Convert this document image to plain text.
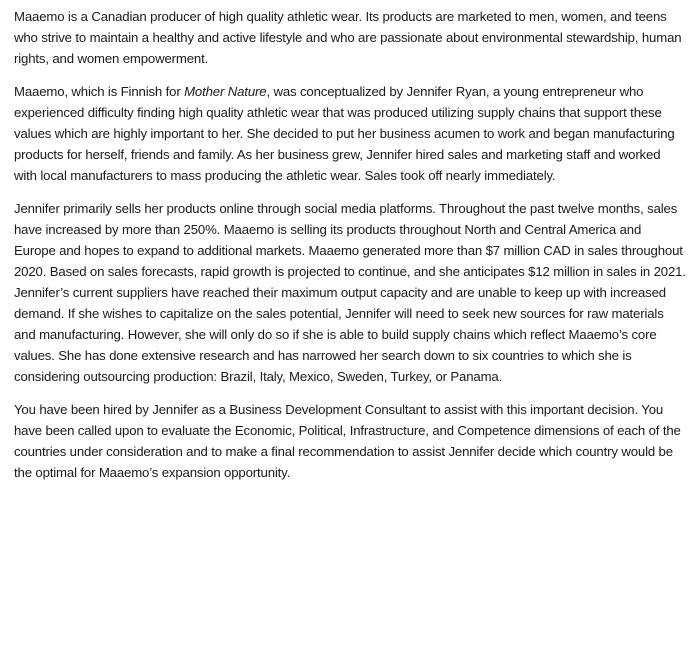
Maaemo is a Canadian producer of high quality athletic wear. Its products are marketed to men, women, and teens who strive to maintain a healthy and active lifestyle and who are passionate about environmental stewardship, human rights, and women empowerment.

Maaemo, which is Finnish for Mother Nature, was conceptualized by Jennifer Ryan, a young entrepreneur who experienced difficulty finding high quality athletic wear that was produced utilizing supply chains that support these values which are highly important to her. She decided to put her business acumen to work and began manufacturing products for herself, friends and family. As her business grew, Jennifer hired sales and marketing staff and worked with local manufacturers to mass producing the athletic wear. Sales took off nearly immediately.

Jennifer primarily sells her products online through social media platforms. Throughout the past twelve months, sales have increased by more than 250%. Maaemo is selling its products throughout North and Central America and Europe and hopes to expand to additional markets. Maaemo generated more than $7 million CAD in sales throughout 2020. Based on sales forecasts, rapid growth is projected to continue, and she anticipates $12 million in sales in 2021. Jennifer’s current suppliers have reached their maximum output capacity and are unable to keep up with increased demand. If she wishes to capitalize on the sales potential, Jennifer will need to seek new sources for raw materials and manufacturing. However, she will only do so if she is able to build supply chains which reflect Maaemo’s core values. She has done extensive research and has narrowed her search down to six countries to which she is considering outsourcing production: Brazil, Italy, Mexico, Sweden, Turkey, or Panama.

You have been hired by Jennifer as a Business Development Consultant to assist with this important decision. You have been called upon to evaluate the Economic, Political, Infrastructure, and Competence dimensions of each of the countries under consideration and to make a final recommendation to assist Jennifer decide which country would be the optimal for Maaemo’s expansion opportunity.
